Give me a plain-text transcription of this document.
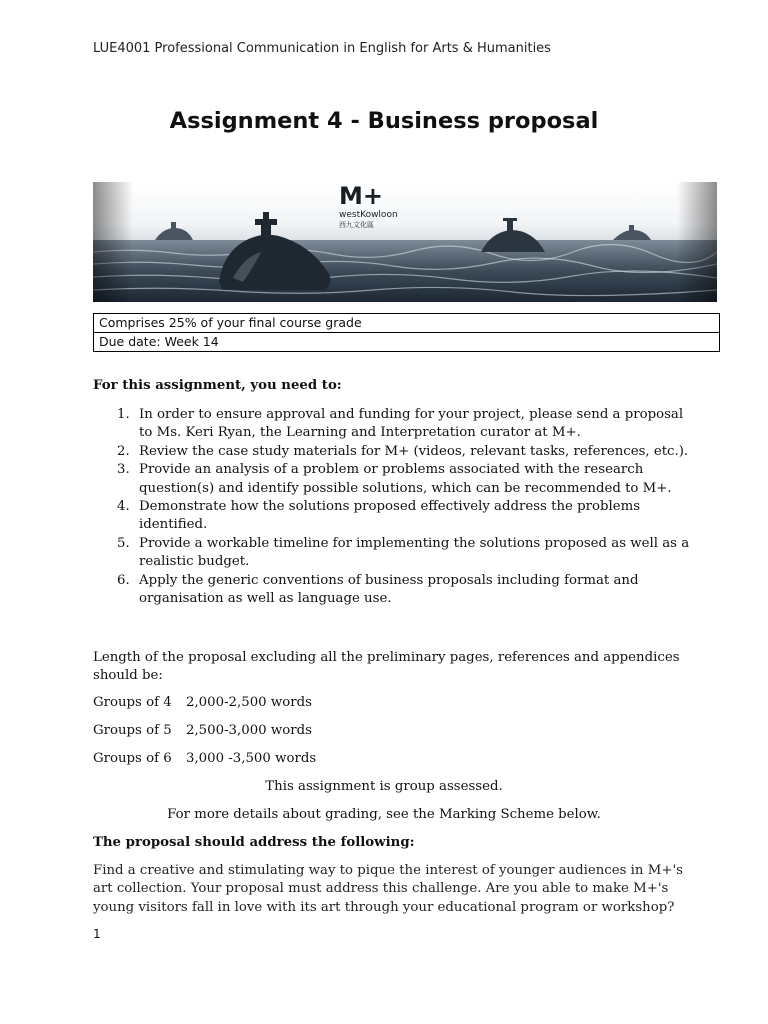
LUE4001 Professional Communication in English for Arts & Humanities
Assignment 4 - Business proposal
M+
westKowloon
西九文化區
Comprises 25% of your final course grade
Due date: Week 14
For this assignment, you need to:
1. In order to ensure approval and funding for your project, please send a proposal to Ms. Keri Ryan, the Learning and Interpretation curator at M+.
2. Review the case study materials for M+ (videos, relevant tasks, references, etc.).
3. Provide an analysis of a problem or problems associated with the research question(s) and identify possible solutions, which can be recommended to M+.
4. Demonstrate how the solutions proposed effectively address the problems identified.
5. Provide a workable timeline for implementing the solutions proposed as well as a realistic budget.
6. Apply the generic conventions of business proposals including format and organisation as well as language use.
Length of the proposal excluding all the preliminary pages, references and appendices should be:
Groups of 4 2,000-2,500 words
Groups of 5 2,500-3,000 words
Groups of 6 3,000 -3,500 words
This assignment is group assessed.
For more details about grading, see the Marking Scheme below.
The proposal should address the following:
Find a creative and stimulating way to pique the interest of younger audiences in M+'s art collection. Your proposal must address this challenge. Are you able to make M+'s young visitors fall in love with its art through your educational program or workshop?
1
